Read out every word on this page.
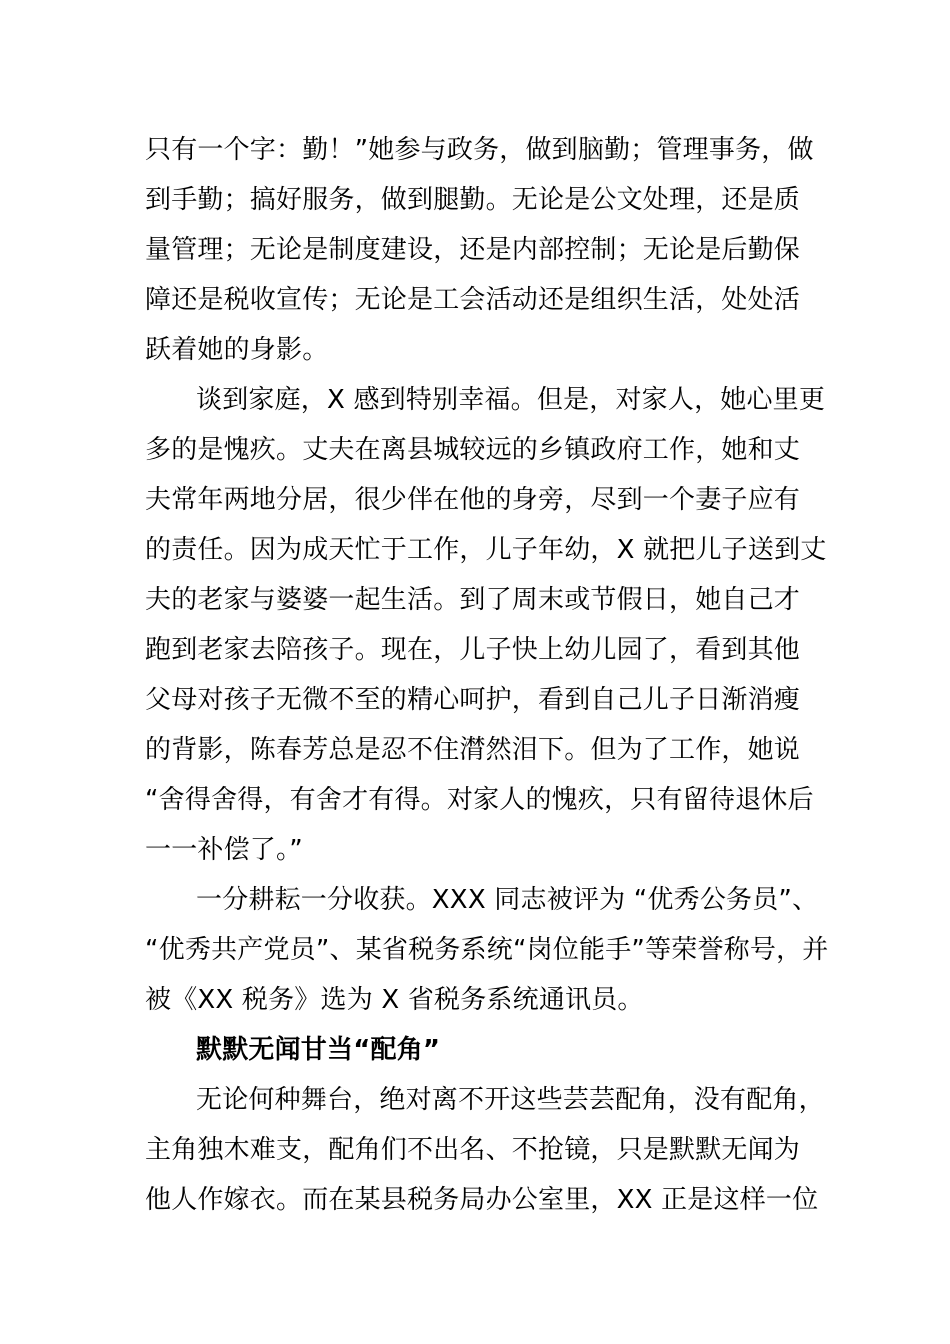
只有一个字：勤！”她参与政务，做到脑勤；管理事务，做
到手勤；搞好服务，做到腿勤。无论是公文处理，还是质
量管理；无论是制度建设，还是内部控制；无论是后勤保
障还是税收宣传；无论是工会活动还是组织生活，处处活
跃着她的身影。
谈到家庭，X 感到特别幸福。但是，对家人，她心里更
多的是愧疚。丈夫在离县城较远的乡镇政府工作，她和丈
夫常年两地分居，很少伴在他的身旁，尽到一个妻子应有
的责任。因为成天忙于工作，儿子年幼，X 就把儿子送到丈
夫的老家与婆婆一起生活。到了周末或节假日，她自己才
跑到老家去陪孩子。现在，儿子快上幼儿园了，看到其他
父母对孩子无微不至的精心呵护，看到自己儿子日渐消瘦
的背影，陈春芳总是忍不住潸然泪下。但为了工作，她说
“舍得舍得，有舍才有得。对家人的愧疚，只有留待退休后
一一补偿了。”
一分耕耘一分收获。XXX 同志被评为 “优秀公务员”、
“优秀共产党员”、某省税务系统“岗位能手”等荣誉称号，并
被《XX 税务》选为 X 省税务系统通讯员。
默默无闻甘当“配角”
无论何种舞台，绝对离不开这些芸芸配角，没有配角，
主角独木难支，配角们不出名、不抢镜，只是默默无闻为
他人作嫁衣。而在某县税务局办公室里，XX 正是这样一位
